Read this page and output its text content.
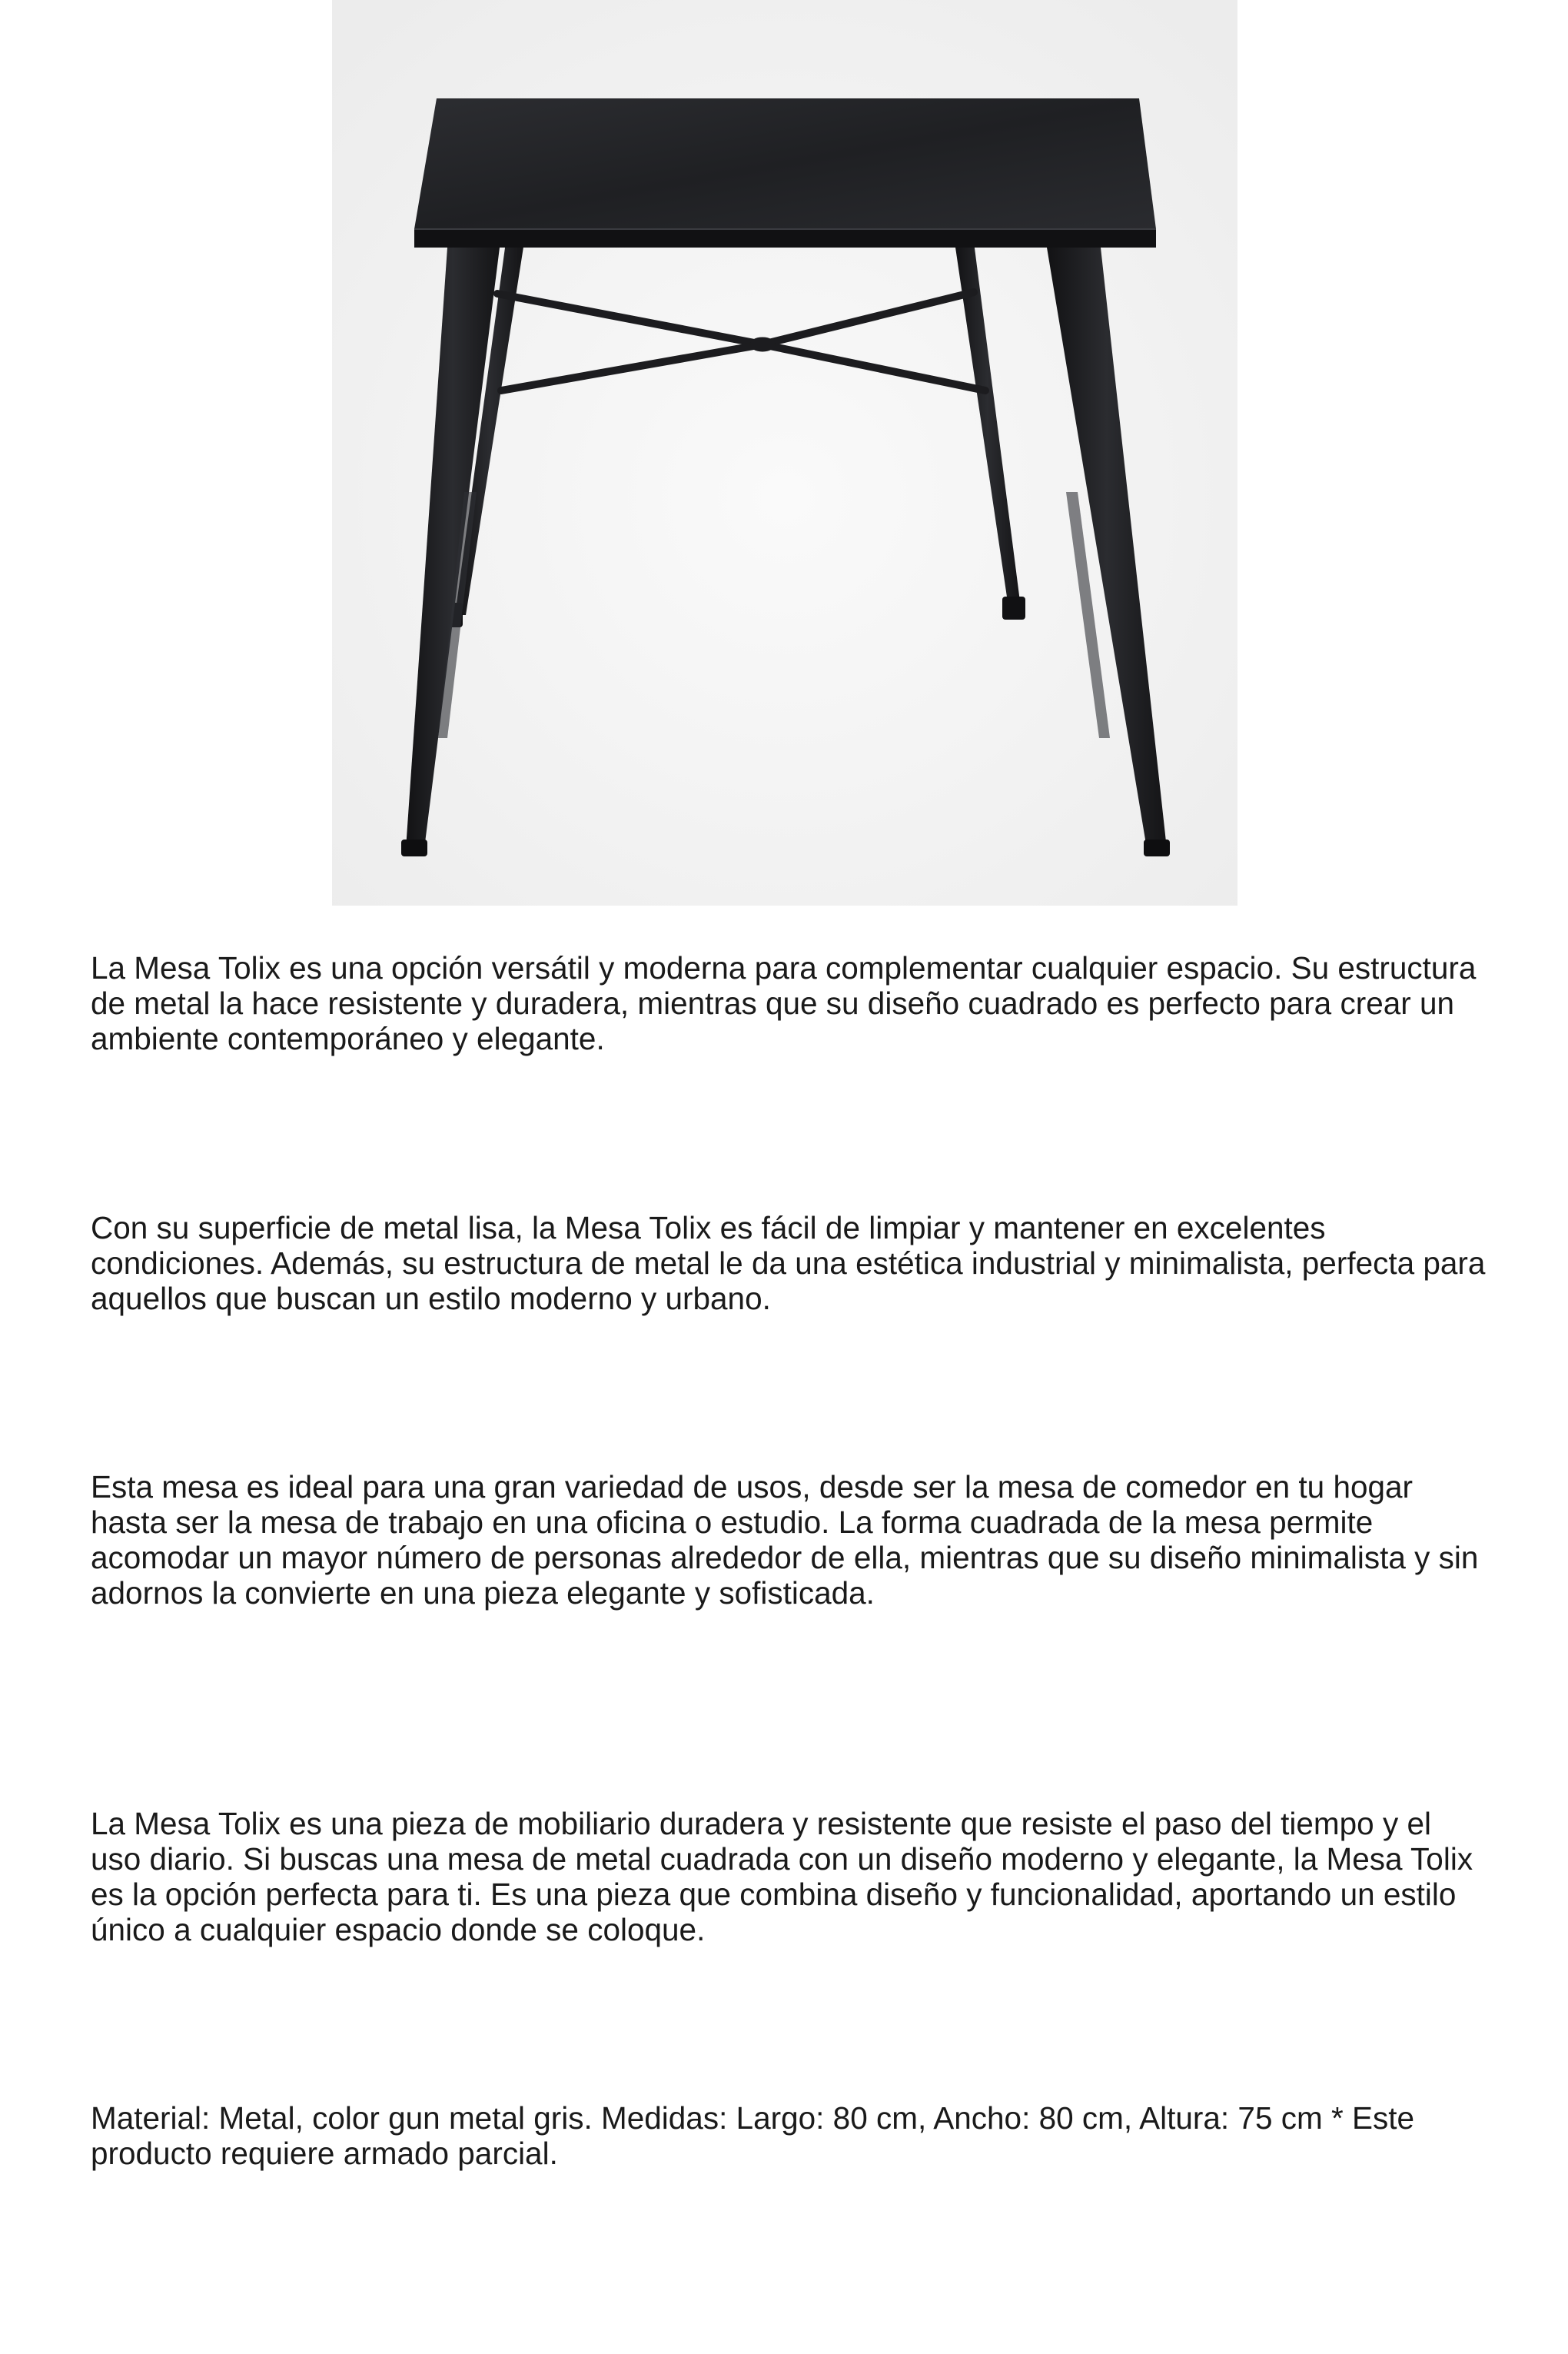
La Mesa Tolix es una opción versátil y moderna para complementar cualquier espacio. Su estructura de metal la hace resistente y duradera, mientras que su diseño cuadrado es perfecto para crear un ambiente contemporáneo y elegante.

Con su superficie de metal lisa, la Mesa Tolix es fácil de limpiar y mantener en excelentes condiciones. Además, su estructura de metal le da una estética industrial y minimalista, perfecta para aquellos que buscan un estilo moderno y urbano.

Esta mesa es ideal para una gran variedad de usos, desde ser la mesa de comedor en tu hogar hasta ser la mesa de trabajo en una oficina o estudio. La forma cuadrada de la mesa permite acomodar un mayor número de personas alrededor de ella, mientras que su diseño minimalista y sin adornos la convierte en una pieza elegante y sofisticada.

La Mesa Tolix es una pieza de mobiliario duradera y resistente que resiste el paso del tiempo y el uso diario. Si buscas una mesa de metal cuadrada con un diseño moderno y elegante, la Mesa Tolix es la opción perfecta para ti. Es una pieza que combina diseño y funcionalidad, aportando un estilo único a cualquier espacio donde se coloque.

Material: Metal, color gun metal gris. Medidas: Largo: 80 cm, Ancho: 80 cm, Altura: 75 cm * Este producto requiere armado parcial.
